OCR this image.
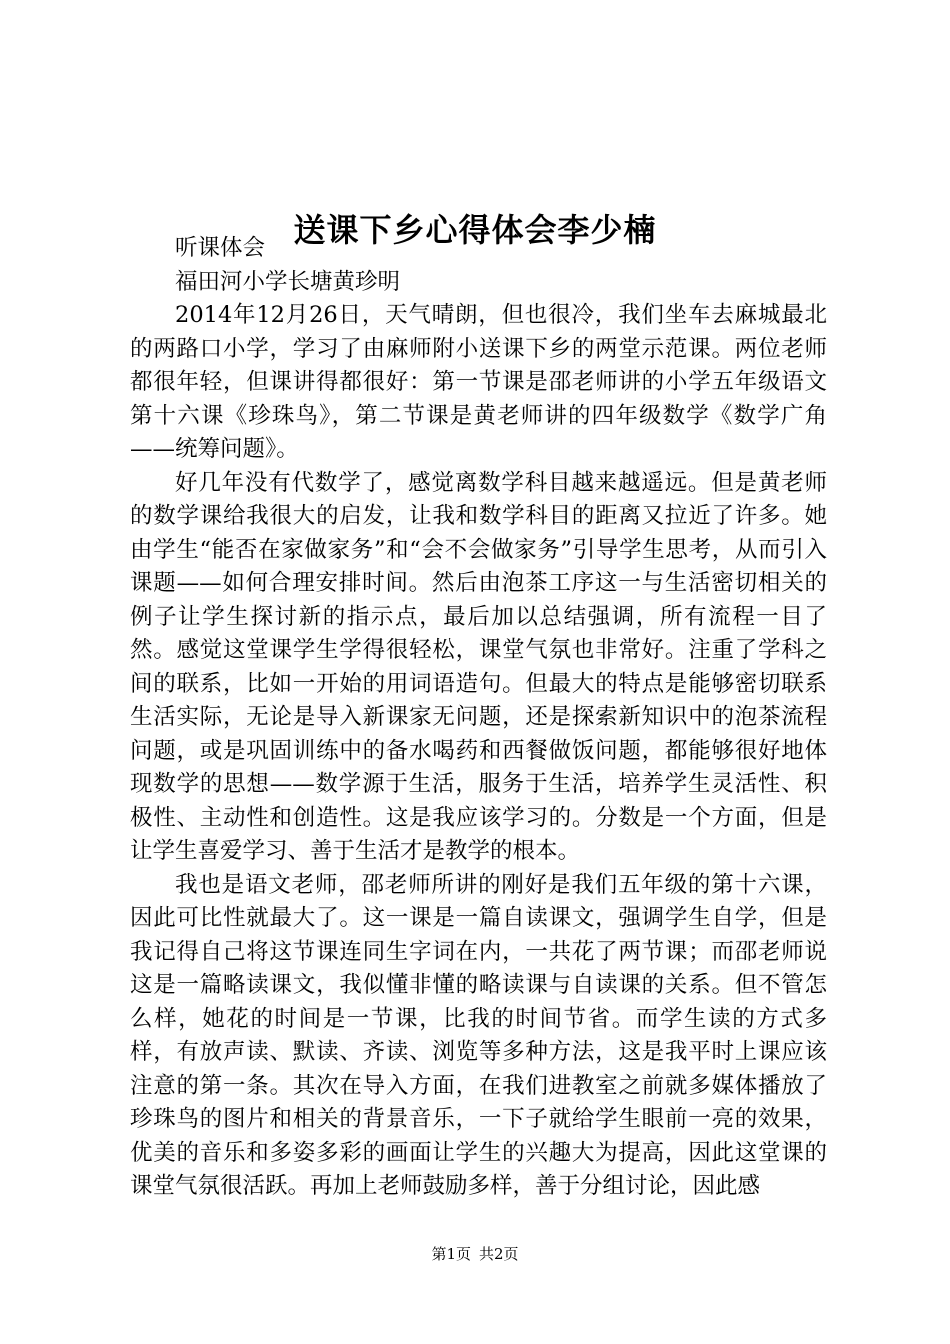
送课下乡心得体会李少楠

听课体会

福田河小学长塘黄珍明

2014年12月26日，天气晴朗，但也很冷，我们坐车去麻城最北的两路口小学，学习了由麻师附小送课下乡的两堂示范课。两位老师都很年轻，但课讲得都很好：第一节课是邵老师讲的小学五年级语文第十六课《珍珠鸟》，第二节课是黄老师讲的四年级数学《数学广角——统筹问题》。

好几年没有代数学了，感觉离数学科目越来越遥远。但是黄老师的数学课给我很大的启发，让我和数学科目的距离又拉近了许多。她由学生“能否在家做家务”和“会不会做家务”引导学生思考，从而引入课题——如何合理安排时间。然后由泡茶工序这一与生活密切相关的例子让学生探讨新的指示点，最后加以总结强调，所有流程一目了然。感觉这堂课学生学得很轻松，课堂气氛也非常好。注重了学科之间的联系，比如一开始的用词语造句。但最大的特点是能够密切联系生活实际，无论是导入新课家无问题，还是探索新知识中的泡茶流程问题，或是巩固训练中的备水喝药和西餐做饭问题，都能够很好地体现数学的思想——数学源于生活，服务于生活，培养学生灵活性、积极性、主动性和创造性。这是我应该学习的。分数是一个方面，但是让学生喜爱学习、善于生活才是教学的根本。

我也是语文老师，邵老师所讲的刚好是我们五年级的第十六课，因此可比性就最大了。这一课是一篇自读课文，强调学生自学，但是我记得自己将这节课连同生字词在内，一共花了两节课；而邵老师说这是一篇略读课文，我似懂非懂的略读课与自读课的关系。但不管怎么样，她花的时间是一节课，比我的时间节省。而学生读的方式多样，有放声读、默读、齐读、浏览等多种方法，这是我平时上课应该注意的第一条。其次在导入方面，在我们进教室之前就多媒体播放了珍珠鸟的图片和相关的背景音乐，一下子就给学生眼前一亮的效果，优美的音乐和多姿多彩的画面让学生的兴趣大为提高，因此这堂课的课堂气氛很活跃。再加上老师鼓励多样，善于分组讨论，因此感

第1页 共2页
